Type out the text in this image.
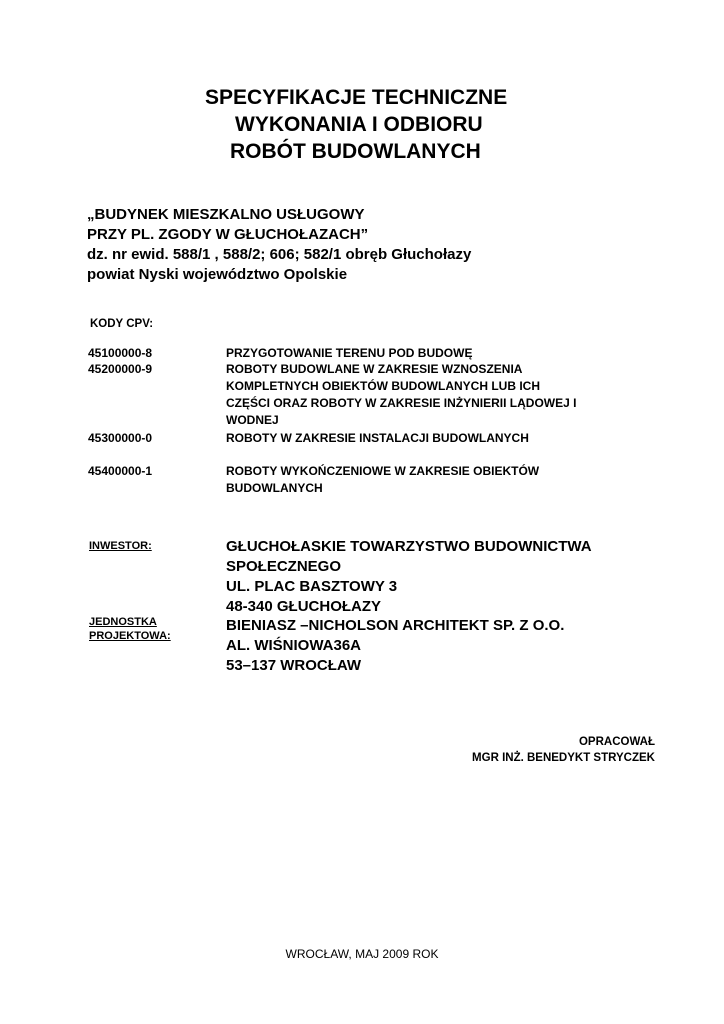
SPECYFIKACJE TECHNICZNE
WYKONANIA I ODBIORU
ROBÓT BUDOWLANYCH
„BUDYNEK MIESZKALNO USŁUGOWY
PRZY PL. ZGODY W GŁUCHOŁAZACH”
dz. nr ewid. 588/1 , 588/2; 606; 582/1 obręb Głuchołazy
powiat Nyski województwo Opolskie
KODY CPV:
45100000-8
45200000-9
45300000-0
45400000-1
PRZYGOTOWANIE TERENU POD BUDOWĘ
ROBOTY BUDOWLANE W ZAKRESIE WZNOSZENIA
KOMPLETNYCH OBIEKTÓW BUDOWLANYCH LUB ICH
CZĘŚCI ORAZ ROBOTY W ZAKRESIE INŻYNIERII LĄDOWEJ I
WODNEJ
ROBOTY W ZAKRESIE INSTALACJI BUDOWLANYCH
ROBOTY WYKOŃCZENIOWE W ZAKRESIE OBIEKTÓW
BUDOWLANYCH
INWESTOR:	GŁUCHOŁASKIE TOWARZYSTWO BUDOWNICTWA
SPOŁECZNEGO
UL. PLAC BASZTOWY 3
48-340 GŁUCHOŁAZY
JEDNOSTKA
PROJEKTOWA:
BIENIASZ –NICHOLSON ARCHITEKT SP. Z O.O.
AL. WIŚNIOWA36A
53–137 WROCŁAW
OPRACOWAŁ
MGR INŻ. BENEDYKT STRYCZEK
WROCŁAW, MAJ 2009 ROK
